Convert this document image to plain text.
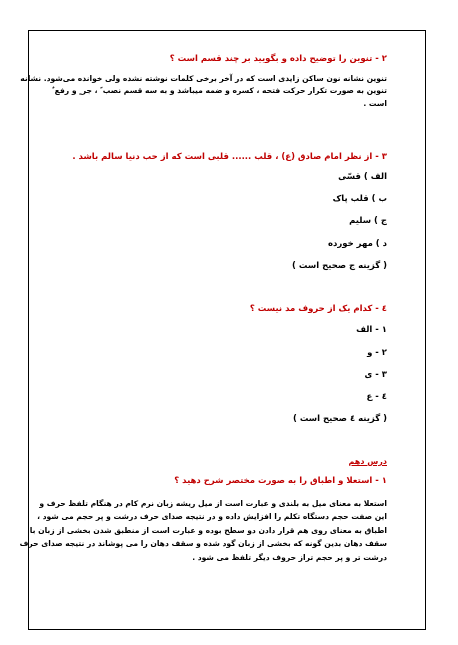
۲ - تنوین را توضیح داده و بگویید بر چند قسم است ؟
تنوین نشانه نون ساکن زایدی است که در آخر برخی کلمات نوشته نشده ولی خوانده می‌شود. نشانه
تنوین به صورت تکرار حرکت فتحه ، کسره و ضمه میباشد و به سه قسم نصب ً ، جر ٍ و رفع ٌ
است .
۳ - از نظر امام صادق (ع) ، قلب ...... قلبی است که از حب دنیا سالم باشد .
الف ) قسّی
ب ) قلب پاک
ج ) سلیم
د ) مهر خورده
( گزینه ج صحیح است )
٤ - کدام یک از حروف مد نیست ؟
١ - الف
٢ - و
٣ - ی
٤ - ع
( گزینه ٤ صحیح است )
درس دهم
١ - استعلا و اطباق را به صورت مختصر شرح دهید ؟
استعلا به معنای میل به بلندی و عبارت است از میل ریشه زبان نرم کام در هنگام تلفظ حرف و
این صفت حجم دستگاه تکلم را افزایش داده و در نتیجه صدای حرف درشت و پر حجم می شود ،
اطباق به معنای روی هم قرار دادن دو سطح بوده و عبارت است از منطبق شدن بخشی از زبان با
سقف دهان بدین گونه که بخشی از زبان گود شده و سقف دهان را می پوشاند در نتیجه صدای حرف
درشت تر و پر حجم تراز حروف دیگر تلفظ می شود .
